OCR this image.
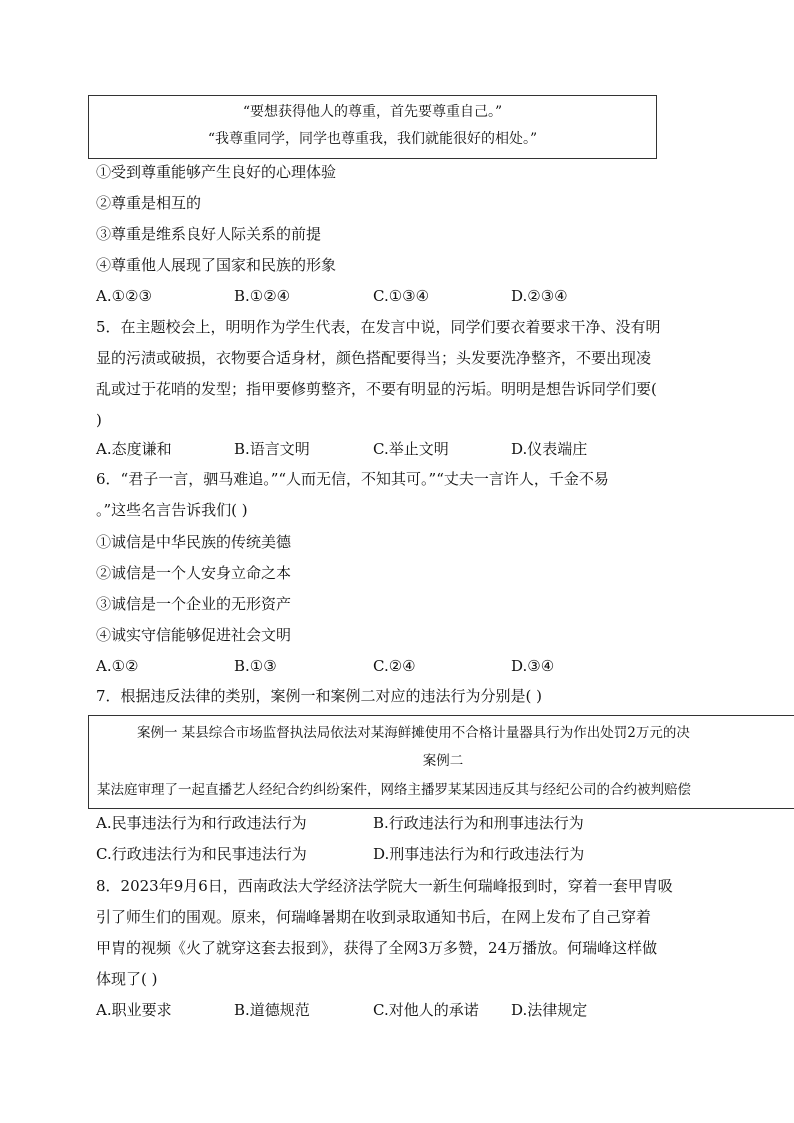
“要想获得他人的尊重，首先要尊重自己。”
“我尊重同学，同学也尊重我，我们就能很好的相处。”
①受到尊重能够产生良好的心理体验
②尊重是相互的
③尊重是维系良好人际关系的前提
④尊重他人展现了国家和民族的形象
A.①②③	B.①②④	C.①③④	D.②③④
5．在主题校会上，明明作为学生代表，在发言中说，同学们要衣着要求干净、没有明
显的污渍或破损，衣物要合适身材，颜色搭配要得当；头发要洗净整齐，不要出现凌
乱或过于花哨的发型；指甲要修剪整齐，不要有明显的污垢。明明是想告诉同学们要(
)
A.态度谦和	B.语言文明	C.举止文明	D.仪表端庄
6．“君子一言，驷马难追。”“人而无信，不知其可。”“丈夫一言许人，千金不易
。”这些名言告诉我们( )
①诚信是中华民族的传统美德
②诚信是一个人安身立命之本
③诚信是一个企业的无形资产
④诚实守信能够促进社会文明
A.①②	B.①③	C.②④	D.③④
7．根据违反法律的类别，案例一和案例二对应的违法行为分别是( )
案例一 某县综合市场监督执法局依法对某海鲜摊使用不合格计量器具行为作出处罚2万元的决
案例二
某法庭审理了一起直播艺人经纪合约纠纷案件，网络主播罗某某因违反其与经纪公司的合约被判赔偿
A.民事违法行为和行政违法行为	B.行政违法行为和刑事违法行为
C.行政违法行为和民事违法行为	D.刑事违法行为和行政违法行为
8．2023年9月6日，西南政法大学经济法学院大一新生何瑞峰报到时，穿着一套甲胄吸
引了师生们的围观。原来，何瑞峰暑期在收到录取通知书后，在网上发布了自己穿着
甲胄的视频《火了就穿这套去报到》，获得了全网3万多赞，24万播放。何瑞峰这样做
体现了( )
A.职业要求	B.道德规范	C.对他人的承诺 D.法律规定
